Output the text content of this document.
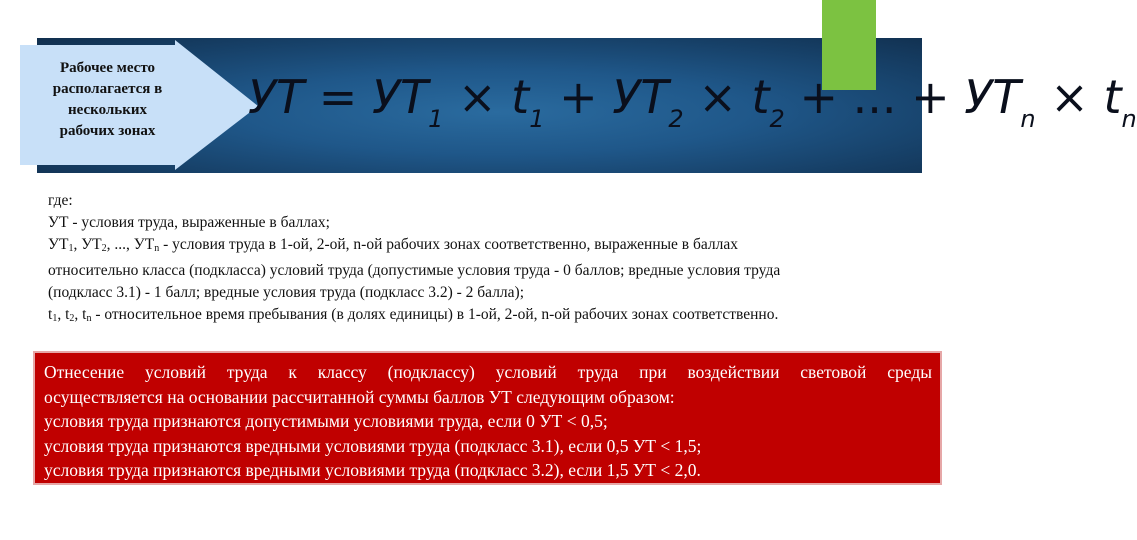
Рабочее место
располагается в
нескольких
рабочих зонах
УТ = $УТ_1 \times t_1 + УТ_2 \times t_2$ + ... + $УТ_n \times t_n$

где:

УТ - условия труда, выраженные в баллах;

$УТ_1$, $УТ_2$, ..., $УТ_n$ - условия труда в 1-ой, 2-ой, n-ой рабочих зонах соответственно, выраженные в баллах

относительно класса (подкласса) условий труда (допустимые условия труда - 0 баллов; вредные условия труда

(подкласс 3.1) - 1 балл; вредные условия труда (подкласс 3.2) - 2 балла);

$t_1$, $t_2$, $t_n$ - относительное время пребывания (в долях единицы) в 1-ой, 2-ой, n-ой рабочих зонах соответственно.

Отнесение условий труда к классу (подклассу) условий труда при воздействии световой среды

осуществляется на основании рассчитанной суммы баллов УТ следующим образом:

условия труда признаются допустимыми условиями труда, если 0 УТ < 0,5;

условия труда признаются вредными условиями труда (подкласс 3.1), если 0,5 УТ < 1,5;

условия труда признаются вредными условиями труда (подкласс 3.2), если 1,5 УТ < 2,0.
